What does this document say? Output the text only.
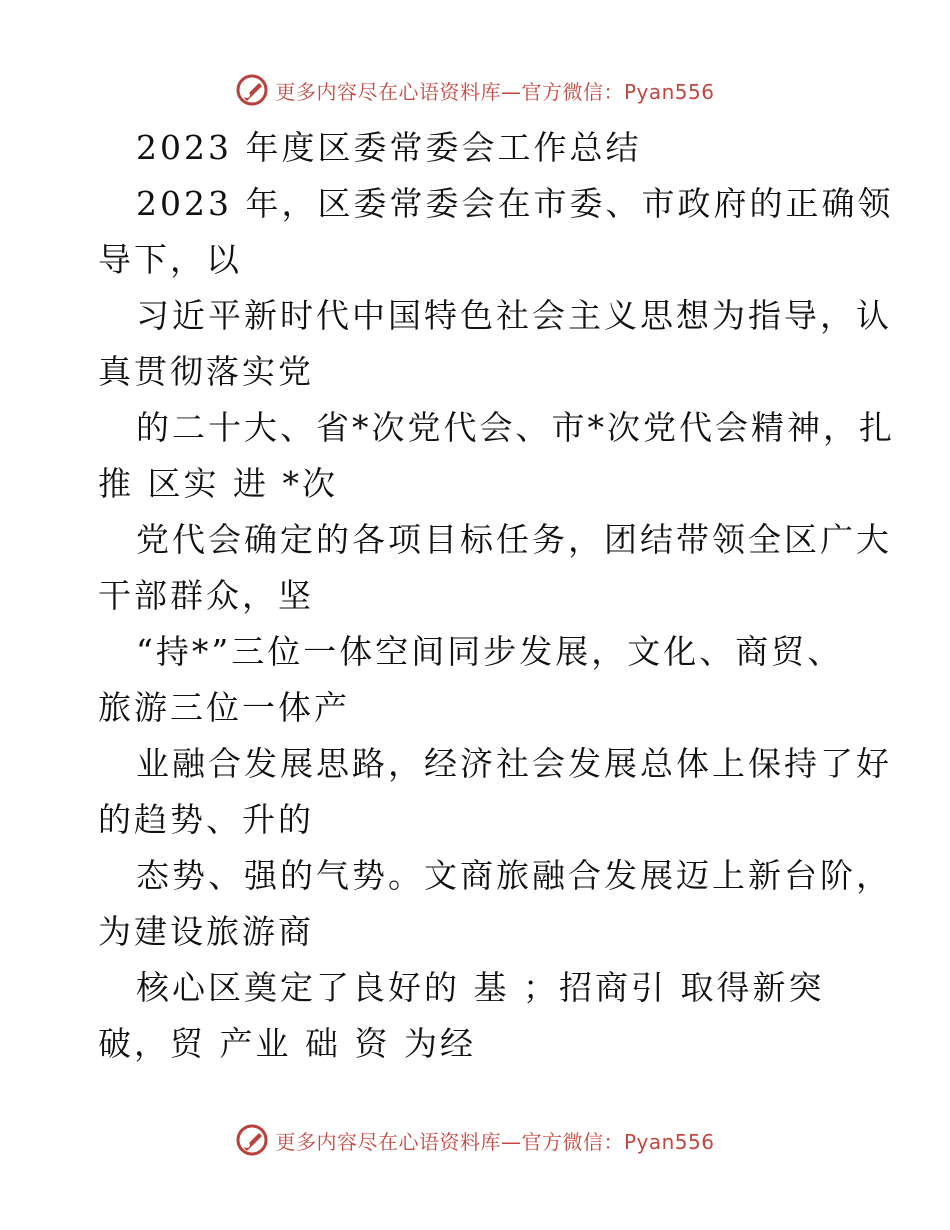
更多内容尽在心语资料库—官方微信：Pyan556
2023 年度区委常委会工作总结
2023 年，区委常委会在市委、市政府的正确领
导下，以
习近平新时代中国特色社会主义思想为指导，认
真贯彻落实党
的二十大、省*次党代会、市*次党代会精神，扎
推 区实 进 *次
党代会确定的各项目标任务，团结带领全区广大
干部群众，坚
“持*”三位一体空间同步发展，文化、商贸、
旅游三位一体产
业融合发展思路，经济社会发展总体上保持了好
的趋势、升的
态势、强的气势。文商旅融合发展迈上新台阶，
为建设旅游商
核心区奠定了良好的 基 ；招商引 取得新突
破，贸 产业 础 资 为经
更多内容尽在心语资料库—官方微信：Pyan556
